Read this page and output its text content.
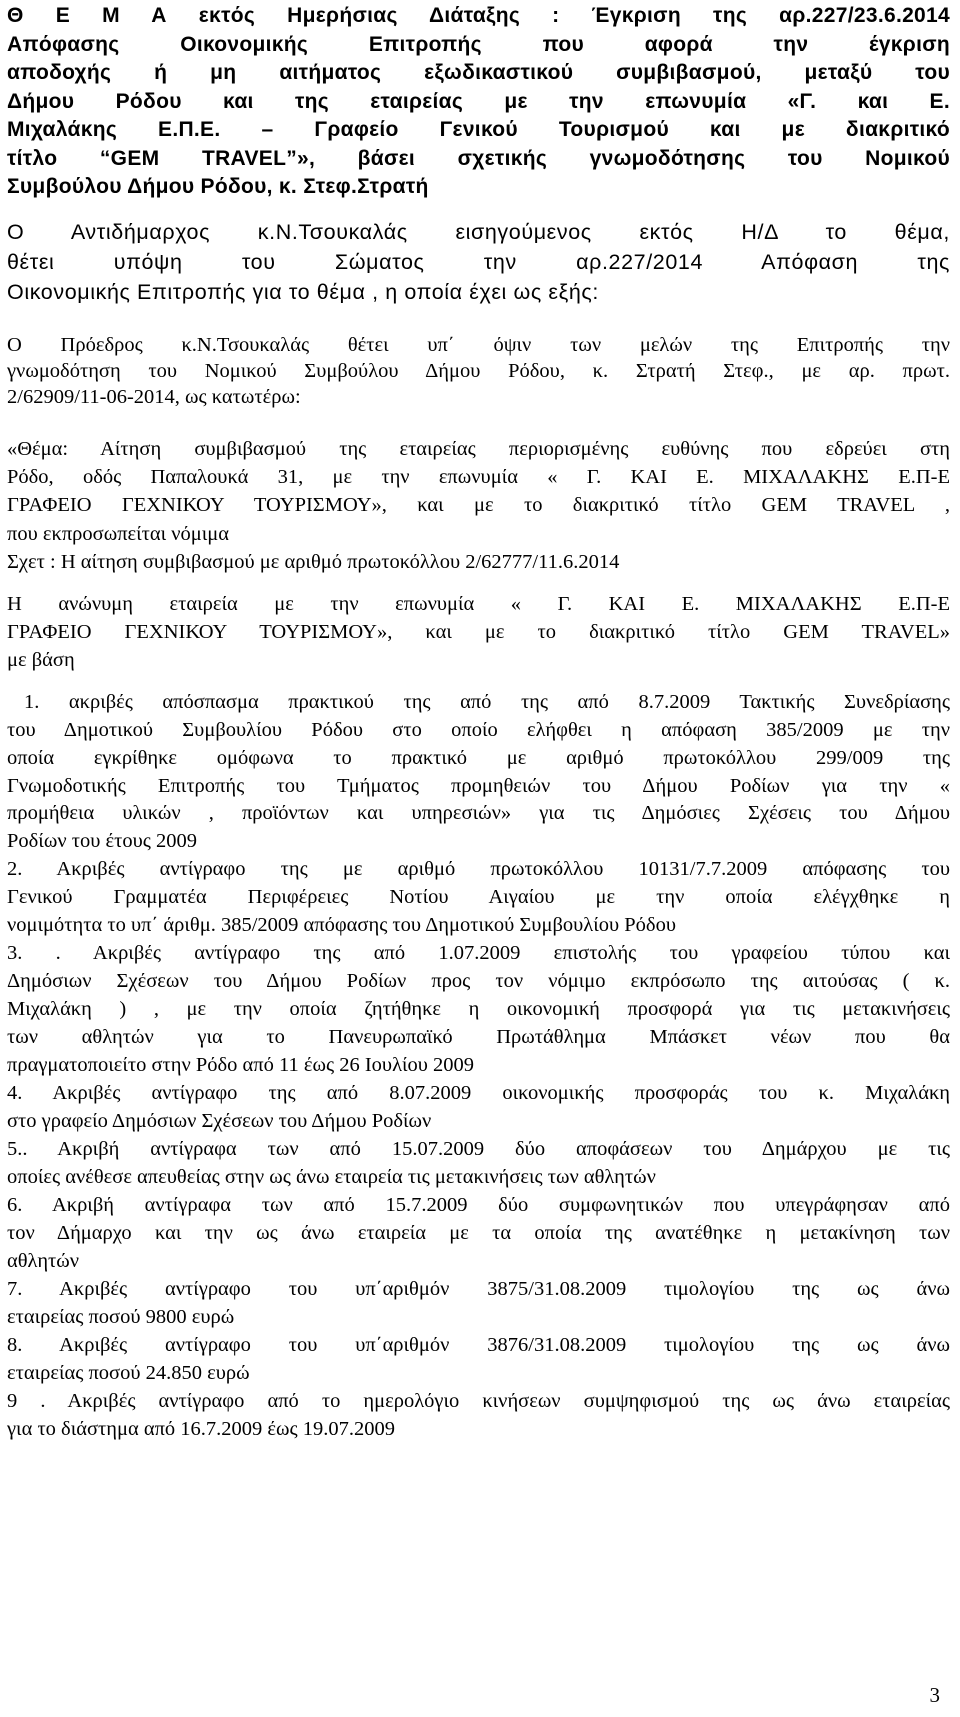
Θ Ε Μ Α εκτός Ημερήσιας Διάταξης : Έγκριση της αρ.227/23.6.2014
Απόφασης Οικονομικής Επιτροπής που αφορά την έγκριση
αποδοχής ή μη αιτήματος εξωδικαστικού συμβιβασμού, μεταξύ του
Δήμου Ρόδου και της εταιρείας με την επωνυμία «Γ. και Ε.
Μιχαλάκης Ε.Π.Ε. – Γραφείο Γενικού Τουρισμού και με διακριτικό
τίτλο “GEM TRAVEL”», βάσει σχετικής γνωμοδότησης του Νομικού
Συμβούλου Δήμου Ρόδου, κ. Στεφ.Στρατή
Ο Αντιδήμαρχος κ.Ν.Τσουκαλάς εισηγούμενος εκτός Η/Δ το θέμα,
θέτει υπόψη του Σώματος την αρ.227/2014 Απόφαση της
Οικονομικής Επιτροπής για το θέμα , η οποία έχει ως εξής:
Ο Πρόεδρος κ.Ν.Τσουκαλάς θέτει υπ΄ όψιν των μελών της Επιτροπής την
γνωμοδότηση του Νομικού Συμβούλου Δήμου Ρόδου, κ. Στρατή Στεφ., με αρ. πρωτ.
2/62909/11-06-2014, ως κατωτέρω:
«Θέμα: Αίτηση συμβιβασμού της εταιρείας περιορισμένης ευθύνης που εδρεύει στη
Ρόδο, οδός Παπαλουκά 31, με την επωνυμία « Γ. ΚΑΙ Ε. ΜΙΧΑΛΑΚΗΣ Ε.Π-Ε
ΓΡΑΦΕΙΟ ΓΕΧΝΙΚΟΥ ΤΟΥΡΙΣΜΟΥ», και με το διακριτικό τίτλο GEM TRAVEL ,
που εκπροσωπείται νόμιμα
Σχετ : Η αίτηση συμβιβασμού με αριθμό πρωτοκόλλου 2/62777/11.6.2014
Η ανώνυμη εταιρεία με την επωνυμία « Γ. ΚΑΙ Ε. ΜΙΧΑΛΑΚΗΣ Ε.Π-Ε
ΓΡΑΦΕΙΟ ΓΕΧΝΙΚΟΥ ΤΟΥΡΙΣΜΟΥ», και με το διακριτικό τίτλο GEM TRAVEL»
με βάση
1. ακριβές απόσπασμα πρακτικού της από της από 8.7.2009 Τακτικής Συνεδρίασης
του Δημοτικού Συμβουλίου Ρόδου στο οποίο ελήφθει η απόφαση 385/2009 με την
οποία εγκρίθηκε ομόφωνα το πρακτικό με αριθμό πρωτοκόλλου 299/009 της
Γνωμοδοτικής Επιτροπής του Τμήματος προμηθειών του Δήμου Ροδίων για την «
προμήθεια υλικών , προϊόντων και υπηρεσιών» για τις Δημόσιες Σχέσεις του Δήμου
Ροδίων του έτους 2009
2. Ακριβές αντίγραφο της με αριθμό πρωτοκόλλου 10131/7.7.2009 απόφασης του
Γενικού Γραμματέα Περιφέρειες Νοτίου Αιγαίου με την οποία ελέγχθηκε η
νομιμότητα το υπ΄ άριθμ. 385/2009 απόφασης του Δημοτικού Συμβουλίου Ρόδου
3. . Ακριβές αντίγραφο της από 1.07.2009 επιστολής του γραφείου τύπου και
Δημόσιων Σχέσεων του Δήμου Ροδίων προς τον νόμιμο εκπρόσωπο της αιτούσας ( κ.
Μιχαλάκη ) , με την οποία ζητήθηκε η οικονομική προσφορά για τις μετακινήσεις
των αθλητών για το Πανευρωπαϊκό Πρωτάθλημα Μπάσκετ νέων που θα
πραγματοποιείτο στην Ρόδο από 11 έως 26 Ιουλίου 2009
4. Ακριβές αντίγραφο της από 8.07.2009 οικονομικής προσφοράς του κ. Μιχαλάκη
στο γραφείο Δημόσιων Σχέσεων του Δήμου Ροδίων
5.. Ακριβή αντίγραφα των από 15.07.2009 δύο αποφάσεων του Δημάρχου με τις
οποίες ανέθεσε απευθείας στην ως άνω εταιρεία τις μετακινήσεις των αθλητών
6. Ακριβή αντίγραφα των από 15.7.2009 δύο συμφωνητικών που υπεγράφησαν από
τον Δήμαρχο και την ως άνω εταιρεία με τα οποία της ανατέθηκε η μετακίνηση των
αθλητών
7. Ακριβές αντίγραφο του υπ΄αριθμόν 3875/31.08.2009 τιμολογίου της ως άνω
εταιρείας ποσού 9800 ευρώ
8. Ακριβές αντίγραφο του υπ΄αριθμόν 3876/31.08.2009 τιμολογίου της ως άνω
εταιρείας ποσού 24.850 ευρώ
9 . Ακριβές αντίγραφο από το ημερολόγιο κινήσεων συμψηφισμού της ως άνω εταιρείας
για το διάστημα από 16.7.2009 έως 19.07.2009
3
